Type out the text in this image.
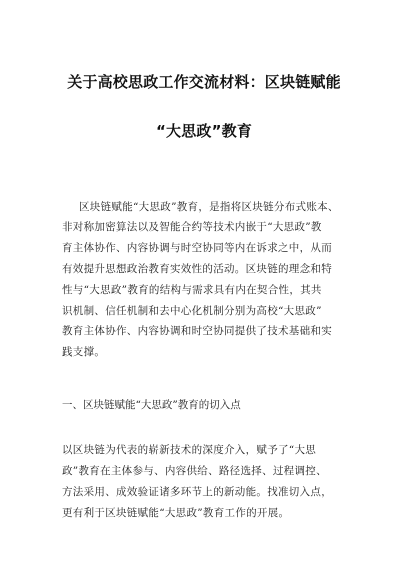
关于高校思政工作交流材料：区块链赋能
“大思政”教育
区块链赋能“大思政”教育，是指将区块链分布式账本、
非对称加密算法以及智能合约等技术内嵌于“大思政”教
育主体协作、内容协调与时空协同等内在诉求之中，从而
有效提升思想政治教育实效性的活动。区块链的理念和特
性与“大思政”教育的结构与需求具有内在契合性，其共
识机制、信任机制和去中心化机制分别为高校“大思政”
教育主体协作、内容协调和时空协同提供了技术基础和实
践支撑。
一、区块链赋能“大思政”教育的切入点
以区块链为代表的崭新技术的深度介入，赋予了“大思
政”教育在主体参与、内容供给、路径选择、过程调控、
方法采用、成效验证诸多环节上的新动能。找准切入点，
更有利于区块链赋能“大思政”教育工作的开展。
